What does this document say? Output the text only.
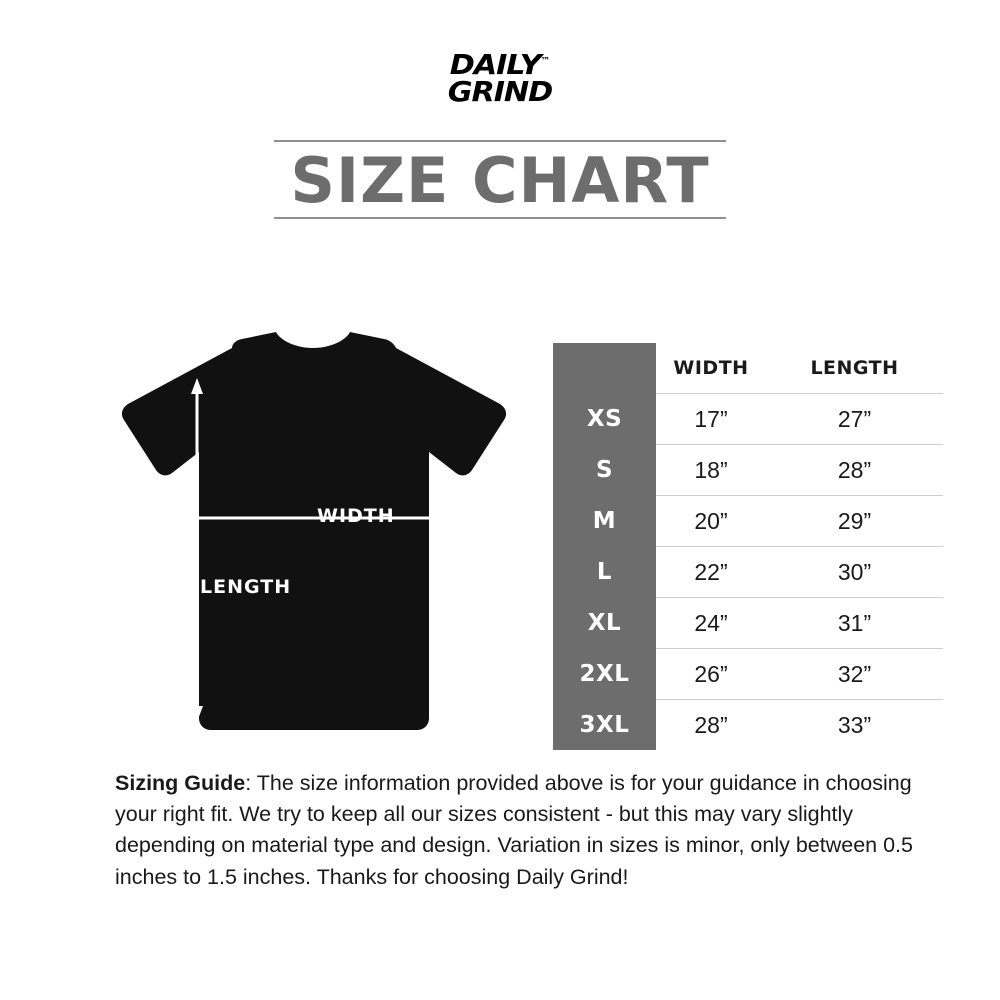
DAILY™
GRIND
SIZE CHART
WIDTH
LENGTH
	WIDTH	LENGTH
XS	17”	27”
S	18”	28”
M	20”	29”
L	22”	30”
XL	24”	31”
2XL	26”	32”
3XL	28”	33”
Sizing Guide: The size information provided above is for your guidance in choosing your right fit. We try to keep all our sizes consistent - but this may vary slightly depending on material type and design. Variation in sizes is minor, only between 0.5 inches to 1.5 inches. Thanks for choosing Daily Grind!
